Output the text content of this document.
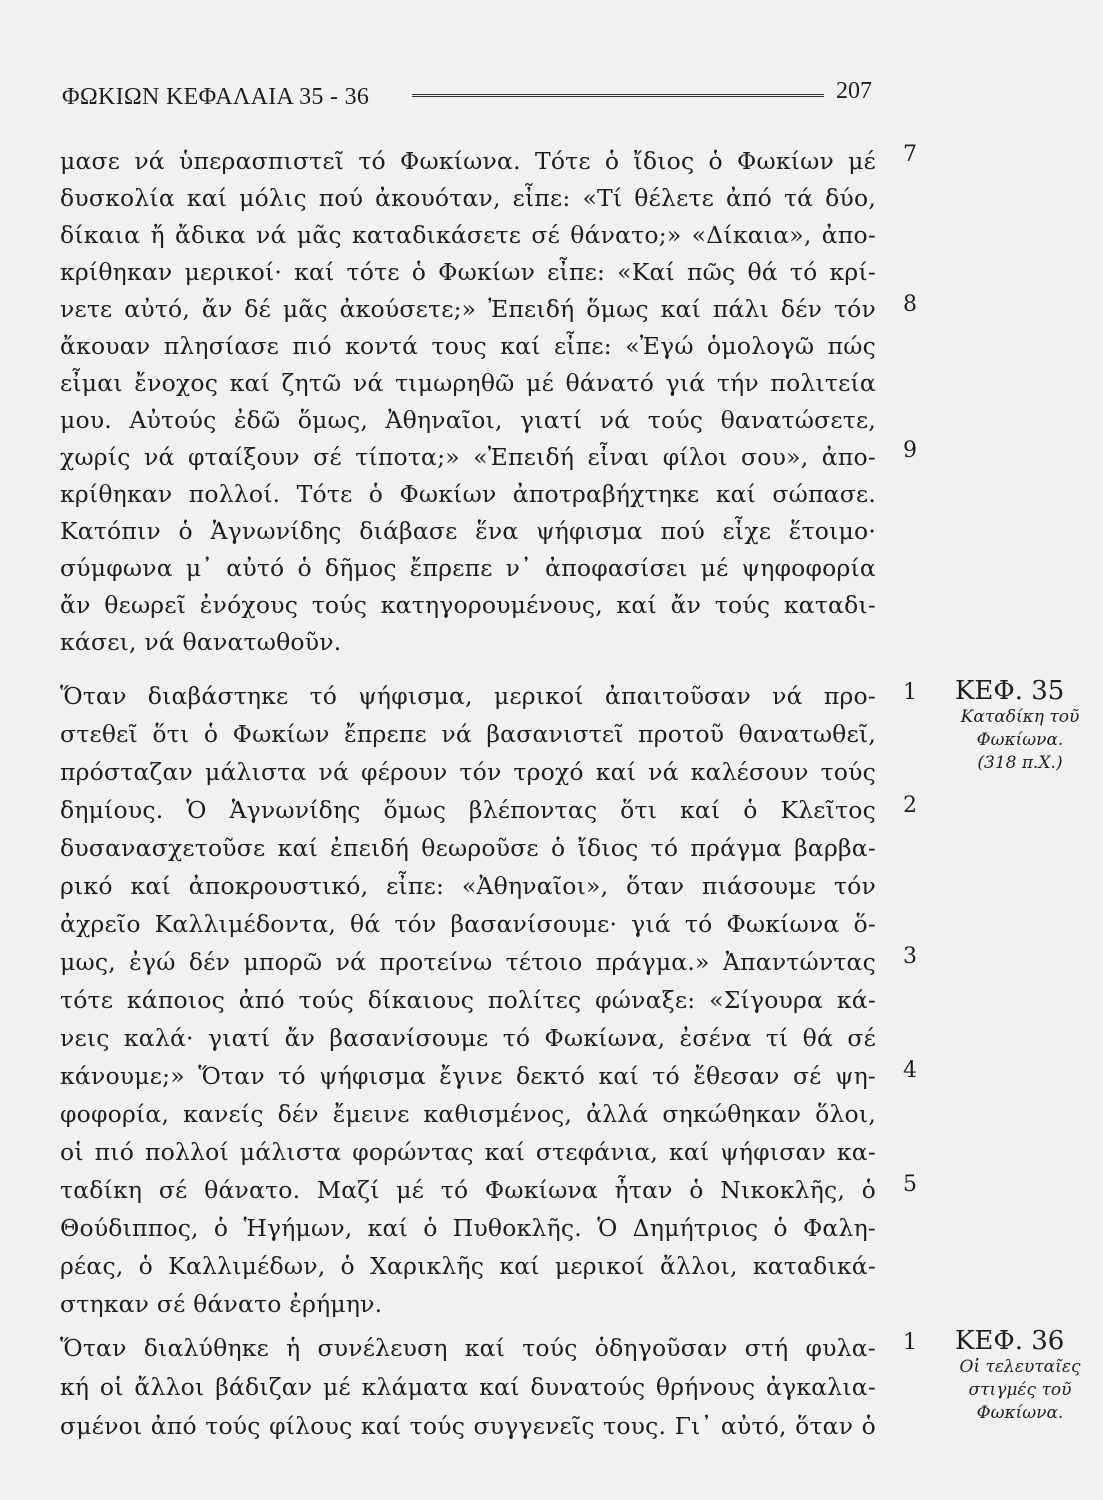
ΦΩΚΙΩΝ ΚΕΦΑΛΑΙΑ 35 - 36	207
μασε νά ὑπερασπιστεῖ τό Φωκίωνα. Τότε ὁ ἴδιος ὁ Φωκίων μέ
δυσκολία καί μόλις πού ἀκουόταν, εἶπε: «Τί θέλετε ἀπό τά δύο,
δίκαια ἤ ἄδικα νά μᾶς καταδικάσετε σέ θάνατο;» «Δίκαια», ἀπο-
κρίθηκαν μερικοί· καί τότε ὁ Φωκίων εἶπε: «Καί πῶς θά τό κρί-
νετε αὐτό, ἄν δέ μᾶς ἀκούσετε;» Ἐπειδή ὅμως καί πάλι δέν τόν
ἄκουαν πλησίασε πιό κοντά τους καί εἶπε: «Ἐγώ ὁμολογῶ πώς
εἶμαι ἔνοχος καί ζητῶ νά τιμωρηθῶ μέ θάνατό γιά τήν πολιτεία
μου. Αὐτούς ἐδῶ ὅμως, Ἀθηναῖοι, γιατί νά τούς θανατώσετε,
χωρίς νά φταίξουν σέ τίποτα;» «Ἐπειδή εἶναι φίλοι σου», ἀπο-
κρίθηκαν πολλοί. Τότε ὁ Φωκίων ἀποτραβήχτηκε καί σώπασε.
Κατόπιν ὁ Ἁγνωνίδης διάβασε ἕνα ψήφισμα πού εἶχε ἕτοιμο·
σύμφωνα μ᾿ αὐτό ὁ δῆμος ἔπρεπε ν᾿ ἀποφασίσει μέ ψηφοφορία
ἄν θεωρεῖ ἐνόχους τούς κατηγορουμένους, καί ἄν τούς καταδι-
κάσει, νά θανατωθοῦν.
7
8
9
Ὅταν διαβάστηκε τό ψήφισμα, μερικοί ἀπαιτοῦσαν νά προ-
στεθεῖ ὅτι ὁ Φωκίων ἔπρεπε νά βασανιστεῖ προτοῦ θανατωθεῖ,
πρόσταζαν μάλιστα νά φέρουν τόν τροχό καί νά καλέσουν τούς
δημίους. Ὁ Ἁγνωνίδης ὅμως βλέποντας ὅτι καί ὁ Κλεῖτος
δυσανασχετοῦσε καί ἐπειδή θεωροῦσε ὁ ἴδιος τό πράγμα βαρβα-
ρικό καί ἀποκρουστικό, εἶπε: «Ἀθηναῖοι», ὅταν πιάσουμε τόν
ἀχρεῖο Καλλιμέδοντα, θά τόν βασανίσουμε· γιά τό Φωκίωνα ὅ-
μως, ἐγώ δέν μπορῶ νά προτείνω τέτοιο πράγμα.» Ἀπαντώντας
τότε κάποιος ἀπό τούς δίκαιους πολίτες φώναξε: «Σίγουρα κά-
νεις καλά· γιατί ἄν βασανίσουμε τό Φωκίωνα, ἐσένα τί θά σέ
κάνουμε;» Ὅταν τό ψήφισμα ἔγινε δεκτό καί τό ἔθεσαν σέ ψη-
φοφορία, κανείς δέν ἔμεινε καθισμένος, ἀλλά σηκώθηκαν ὅλοι,
οἱ πιό πολλοί μάλιστα φορώντας καί στεφάνια, καί ψήφισαν κα-
ταδίκη σέ θάνατο. Μαζί μέ τό Φωκίωνα ἦταν ὁ Νικοκλῆς, ὁ
Θούδιππος, ὁ Ἡγήμων, καί ὁ Πυθοκλῆς. Ὁ Δημήτριος ὁ Φαλη-
ρέας, ὁ Καλλιμέδων, ὁ Χαρικλῆς καί μερικοί ἄλλοι, καταδικά-
στηκαν σέ θάνατο ἐρήμην.
1
2
3
4
5
ΚΕΦ. 35
Καταδίκη τοῦ
Φωκίωνα.
(318 π.Χ.)
Ὅταν διαλύθηκε ἡ συνέλευση καί τούς ὁδηγοῦσαν στή φυλα-
κή οἱ ἄλλοι βάδιζαν μέ κλάματα καί δυνατούς θρήνους ἀγκαλια-
σμένοι ἀπό τούς φίλους καί τούς συγγενεῖς τους. Γι᾿ αὐτό, ὅταν ὁ
1	ΚΕΦ. 36
Οἱ τελευταῖες
στιγμές τοῦ
Φωκίωνα.
